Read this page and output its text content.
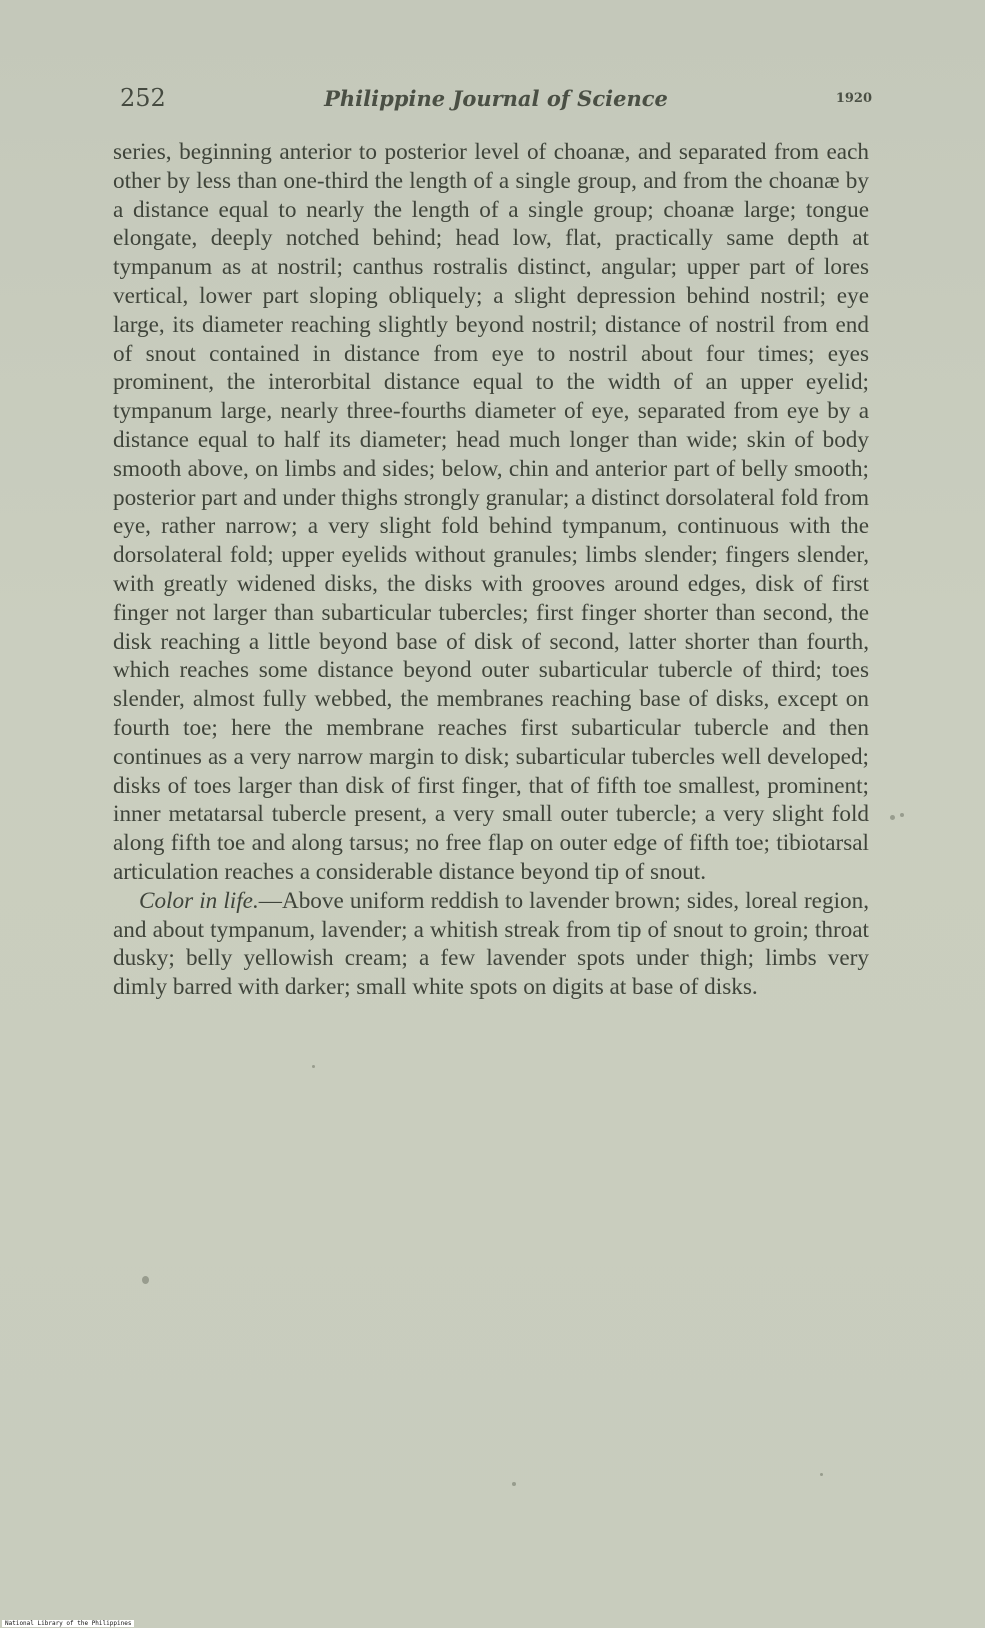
252	Philippine Journal of Science	1920

series, beginning anterior to posterior level of choanæ, and separated from each other by less than one-third the length of a single group, and from the choanæ by a distance equal to nearly the length of a single group; choanæ large; tongue elongate, deeply notched behind; head low, flat, practically same depth at tympanum as at nostril; canthus rostralis distinct, angular; upper part of lores vertical, lower part sloping obliquely; a slight depression behind nostril; eye large, its diameter reaching slightly beyond nostril; distance of nostril from end of snout contained in distance from eye to nostril about four times; eyes prominent, the interorbital distance equal to the width of an upper eyelid; tympanum large, nearly three-fourths diameter of eye, separated from eye by a distance equal to half its diameter; head much longer than wide; skin of body smooth above, on limbs and sides; below, chin and anterior part of belly smooth; posterior part and under thighs strongly granular; a distinct dorsolateral fold from eye, rather narrow; a very slight fold behind tympanum, continuous with the dorsolateral fold; upper eyelids without granules; limbs slender; fingers slender, with greatly widened disks, the disks with grooves around edges, disk of first finger not larger than subarticular tubercles; first finger shorter than second, the disk reaching a little beyond base of disk of second, latter shorter than fourth, which reaches some distance beyond outer subarticular tubercle of third; toes slender, almost fully webbed, the membranes reaching base of disks, except on fourth toe; here the membrane reaches first subarticular tubercle and then continues as a very narrow margin to disk; subarticular tubercles well developed; disks of toes larger than disk of first finger, that of fifth toe smallest, prominent; inner metatarsal tubercle present, a very small outer tubercle; a very slight fold along fifth toe and along tarsus; no free flap on outer edge of fifth toe; tibiotarsal articulation reaches a considerable distance beyond tip of snout.

Color in life.—Above uniform reddish to lavender brown; sides, loreal region, and about tympanum, lavender; a whitish streak from tip of snout to groin; throat dusky; belly yellowish cream; a few lavender spots under thigh; limbs very dimly barred with darker; small white spots on digits at base of disks.

National Library of the Philippines
